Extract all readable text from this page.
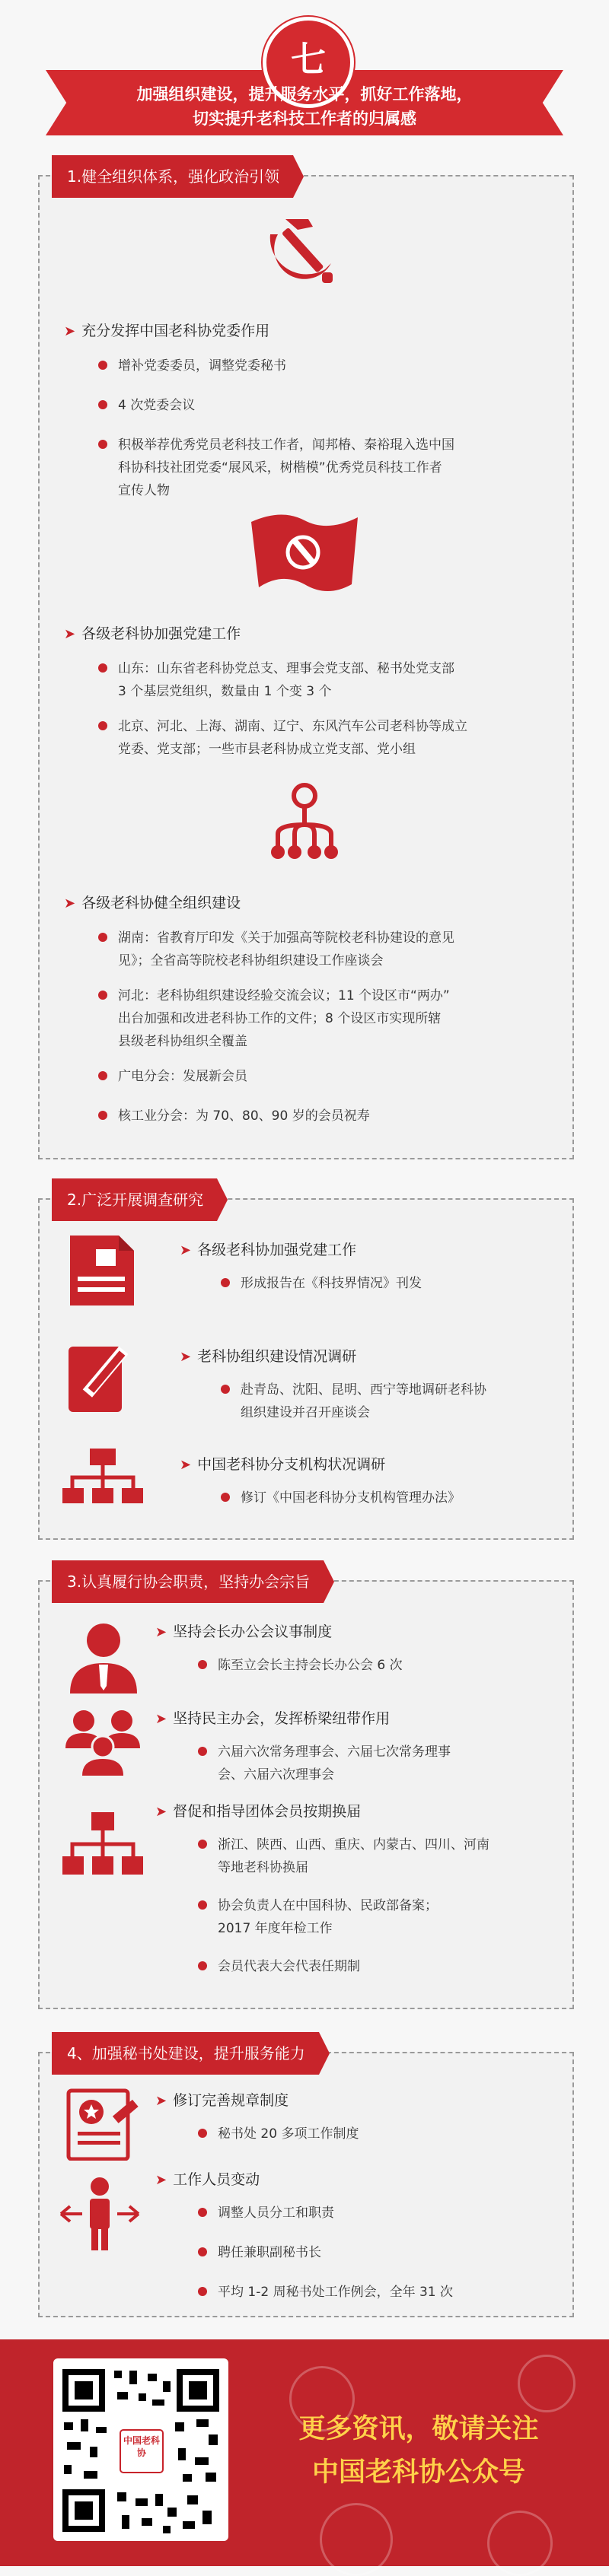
七
加强组织建设，提升服务水平，抓好工作落地，
切实提升老科技工作者的归属感
1.健全组织体系，强化政治引领
➤ 充分发挥中国老科协党委作用
增补党委委员，调整党委秘书
4 次党委会议
积极举荐优秀党员老科技工作者，闻邦椿、秦裕琨入选中国
科协科技社团党委“展风采，树楷模”优秀党员科技工作者
宣传人物
➤ 各级老科协加强党建工作
山东：山东省老科协党总支、理事会党支部、秘书处党支部
3 个基层党组织，数量由 1 个变 3 个
北京、河北、上海、湖南、辽宁、东风汽车公司老科协等成立
党委、党支部；一些市县老科协成立党支部、党小组
➤ 各级老科协健全组织建设
湖南：省教育厅印发《关于加强高等院校老科协建设的意见
见》；全省高等院校老科协组织建设工作座谈会
河北：老科协组织建设经验交流会议；11 个设区市“两办”
出台加强和改进老科协工作的文件；8 个设区市实现所辖
县级老科协组织全覆盖
广电分会：发展新会员
核工业分会：为 70、80、90 岁的会员祝寿
2.广泛开展调查研究
➤ 各级老科协加强党建工作
形成报告在《科技界情况》刊发
➤ 老科协组织建设情况调研
赴青岛、沈阳、昆明、西宁等地调研老科协
组织建设并召开座谈会
➤ 中国老科协分支机构状况调研
修订《中国老科协分支机构管理办法》
3.认真履行协会职责，坚持办会宗旨
➤ 坚持会长办公会议事制度
陈至立会长主持会长办公会 6 次
➤ 坚持民主办会，发挥桥梁纽带作用
六届六次常务理事会、六届七次常务理事
会、六届六次理事会
➤ 督促和指导团体会员按期换届
浙江、陕西、山西、重庆、内蒙古、四川、河南
等地老科协换届
协会负责人在中国科协、民政部备案；
2017 年度年检工作
会员代表大会代表任期制
4、加强秘书处建设，提升服务能力
➤ 修订完善规章制度
秘书处 20 多项工作制度
➤ 工作人员变动
调整人员分工和职责
聘任兼职副秘书长
平均 1-2 周秘书处工作例会，全年 31 次
中国老科协
更多资讯，敬请关注
中国老科协公众号
